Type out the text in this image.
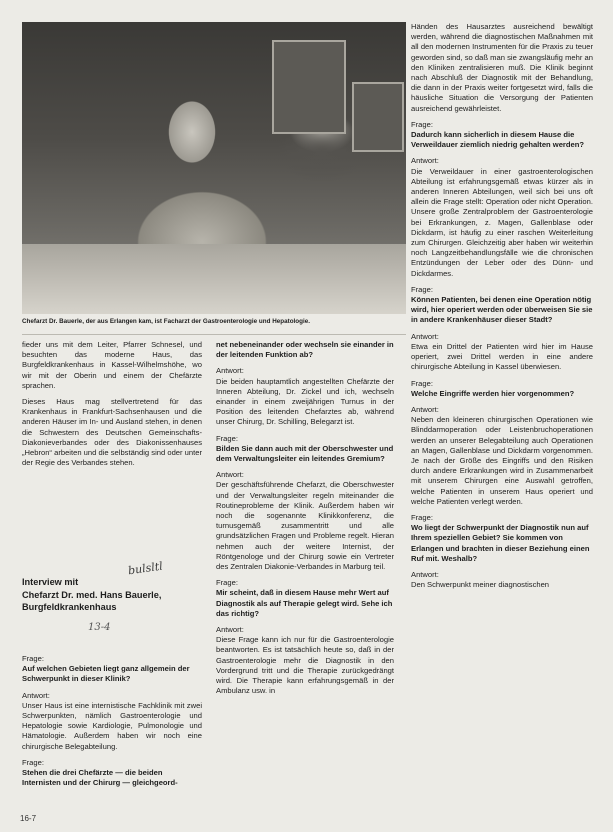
Chefarzt Dr. Bauerle, der aus Erlangen kam, ist Facharzt der Gastroenterologie und Hepatologie.

fieder uns mit dem Leiter, Pfarrer Schnesel, und besuchten das moderne Haus, das Burgfeldkrankenhaus in Kassel-Wilhelmshöhe, wo wir mit der Oberin und einem der Chefärzte sprachen.

Dieses Haus mag stellvertretend für das Krankenhaus in Frankfurt-Sachsenhausen und die anderen Häuser im In- und Ausland stehen, in denen die Schwestern des Deutschen Gemeinschafts-Diakonieverbandes oder des Diakonissenhauses „Hebron“ arbeiten und die selbständig sind oder unter der Regie des Verbandes stehen.

bulsltl
Interview mit
Chefarzt Dr. med. Hans Bauerle,
Burgfeldkrankenhaus
13-4
Frage:
Auf welchen Gebieten liegt ganz allgemein der Schwerpunkt in dieser Klinik?
Antwort:

Unser Haus ist eine internistische Fachklinik mit zwei Schwerpunkten, nämlich Gastroenterologie und Hepatologie sowie Kardiologie, Pulmonologie und Hämatologie. Außerdem haben wir noch eine chirurgische Belegabteilung.

Frage:
Stehen die drei Chefärzte — die beiden Internisten und der Chirurg — gleichgeord-
net nebeneinander oder wechseln sie einander in der leitenden Funktion ab?
Antwort:

Die beiden hauptamtlich angestellten Chefärzte der Inneren Abteilung, Dr. Zickel und ich, wechseln einander in einem zweijährigen Turnus in der Position des leitenden Chefarztes ab, während unser Chirurg, Dr. Schilling, Belegarzt ist.

Frage:
Bilden Sie dann auch mit der Oberschwester und dem Verwaltungsleiter ein leitendes Gremium?
Antwort:

Der geschäftsführende Chefarzt, die Oberschwester und der Verwaltungsleiter regeln miteinander die Routineprobleme der Klinik. Außerdem haben wir noch die sogenannte Klinikkonferenz, die turnusgemäß zusammentritt und alle grundsätzlichen Fragen und Probleme regelt. Hieran nehmen auch der weitere Internist, der Röntgenologe und der Chirurg sowie ein Vertreter des Zentralen Diakonie-Verbandes in Marburg teil.

Frage:
Mir scheint, daß in diesem Hause mehr Wert auf Diagnostik als auf Therapie gelegt wird. Sehe ich das richtig?
Antwort:

Diese Frage kann ich nur für die Gastroenterologie beantworten. Es ist tatsächlich heute so, daß in der Gastroenterologie mehr die Diagnostik in den Vordergrund tritt und die Therapie zurückgedrängt wird. Die Therapie kann erfahrungsgemäß in der Ambulanz usw. in

Händen des Hausarztes ausreichend bewältigt werden, während die diagnostischen Maßnahmen mit all den modernen Instrumenten für die Praxis zu teuer geworden sind, so daß man sie zwangsläufig mehr an den Kliniken zentralisieren muß. Die Klinik beginnt nach Abschluß der Diagnostik mit der Behandlung, die dann in der Praxis weiter fortgesetzt wird, falls die häusliche Situation die Versorgung der Patienten ausreichend gewährleistet.

Frage:
Dadurch kann sicherlich in diesem Hause die Verweildauer ziemlich niedrig gehalten werden?
Antwort:

Die Verweildauer in einer gastroenterologischen Abteilung ist erfahrungsgemäß etwas kürzer als in anderen Inneren Abteilungen, weil sich bei uns oft allein die Frage stellt: Operation oder nicht Operation. Unsere große Zentralproblem der Gastroenterologie bei Erkrankungen, z. Magen, Gallenblase oder Dickdarm, ist häufig zu einer raschen Weiterleitung zum Chirurgen. Gleichzeitig aber haben wir weiterhin noch Langzeitbehandlungsfälle wie die chronischen Entzündungen der Leber oder des Dünn- und Dickdarmes.

Frage:
Können Patienten, bei denen eine Operation nötig wird, hier operiert werden oder überweisen Sie sie in andere Krankenhäuser dieser Stadt?
Antwort:

Etwa ein Drittel der Patienten wird hier im Hause operiert, zwei Drittel werden in eine andere chirurgische Abteilung in Kassel überwiesen.

Frage:
Welche Eingriffe werden hier vorgenommen?
Antwort:

Neben den kleineren chirurgischen Operationen wie Blinddarmoperation oder Leistenbruchoperationen werden an unserer Belegabteilung auch Operationen an Magen, Gallenblase und Dickdarm vorgenommen. Je nach der Größe des Eingriffs und den Risiken durch andere Erkrankungen wird in Zusammenarbeit mit unserem Chirurgen eine Auswahl getroffen, welche Patienten in unserem Haus operiert und welche Patienten verlegt werden.

Frage:
Wo liegt der Schwerpunkt der Diagnostik nun auf Ihrem speziellen Gebiet? Sie kommen von Erlangen und brachten in dieser Beziehung einen Ruf mit. Weshalb?
Antwort:

Den Schwerpunkt meiner diagnostischen

16-7
